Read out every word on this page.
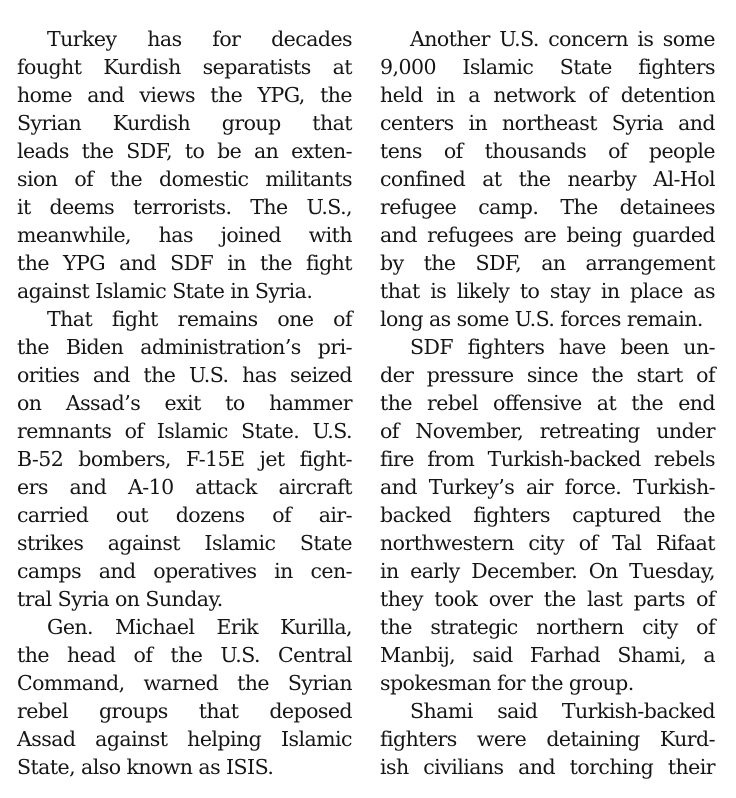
Turkey has for decades
fought Kurdish separatists at
home and views the YPG, the
Syrian Kurdish group that
leads the SDF, to be an exten-
sion of the domestic militants
it deems terrorists. The U.S.,
meanwhile, has joined with
the YPG and SDF in the fight
against Islamic State in Syria.
That fight remains one of
the Biden administration’s pri-
orities and the U.S. has seized
on Assad’s exit to hammer
remnants of Islamic State. U.S.
B-52 bombers, F-15E jet fight-
ers and A-10 attack aircraft
carried out dozens of air-
strikes against Islamic State
camps and operatives in cen-
tral Syria on Sunday.
Gen. Michael Erik Kurilla,
the head of the U.S. Central
Command, warned the Syrian
rebel groups that deposed
Assad against helping Islamic
State, also known as ISIS.
Another U.S. concern is some
9,000 Islamic State fighters
held in a network of detention
centers in northeast Syria and
tens of thousands of people
confined at the nearby Al-Hol
refugee camp. The detainees
and refugees are being guarded
by the SDF, an arrangement
that is likely to stay in place as
long as some U.S. forces remain.
SDF fighters have been un-
der pressure since the start of
the rebel offensive at the end
of November, retreating under
fire from Turkish-backed rebels
and Turkey’s air force. Turkish-
backed fighters captured the
northwestern city of Tal Rifaat
in early December. On Tuesday,
they took over the last parts of
the strategic northern city of
Manbij, said Farhad Shami, a
spokesman for the group.
Shami said Turkish-backed
fighters were detaining Kurd-
ish civilians and torching their
